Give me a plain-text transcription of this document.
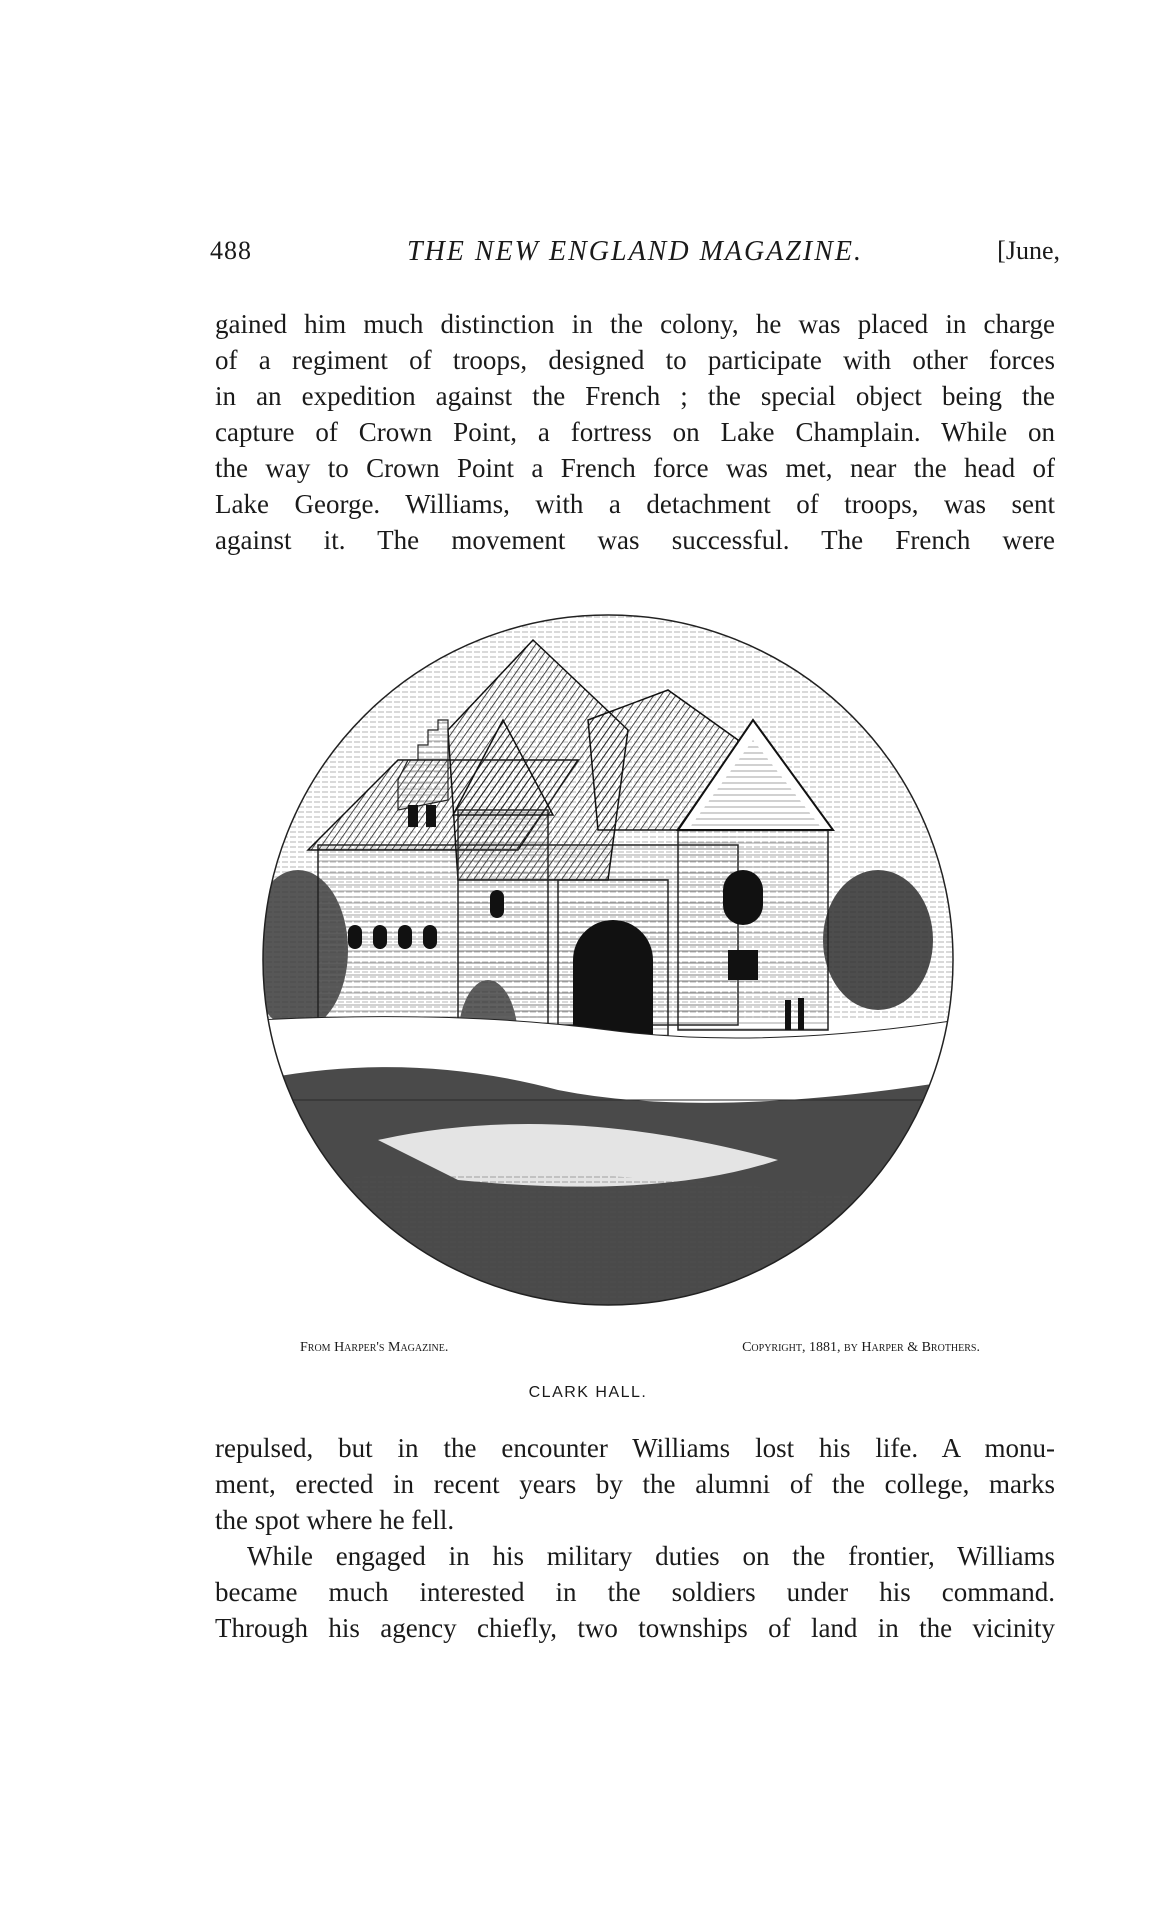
488	THE NEW ENGLAND MAGAZINE.	[June,
gained him much distinction in the colony, he was placed in charge
of a regiment of troops, designed to participate with other forces
in an expedition against the French ; the special object being the
capture of Crown Point, a fortress on Lake Champlain. While on
the way to Crown Point a French force was met, near the head of
Lake George. Williams, with a detachment of troops, was sent
against it. The movement was successful. The French were
From Harper's Magazine.	Copyright, 1881, by Harper & Brothers.
CLARK HALL.
repulsed, but in the encounter Williams lost his life. A monu-
ment, erected in recent years by the alumni of the college, marks
the spot where he fell.
While engaged in his military duties on the frontier, Williams
became much interested in the soldiers under his command.
Through his agency chiefly, two townships of land in the vicinity
